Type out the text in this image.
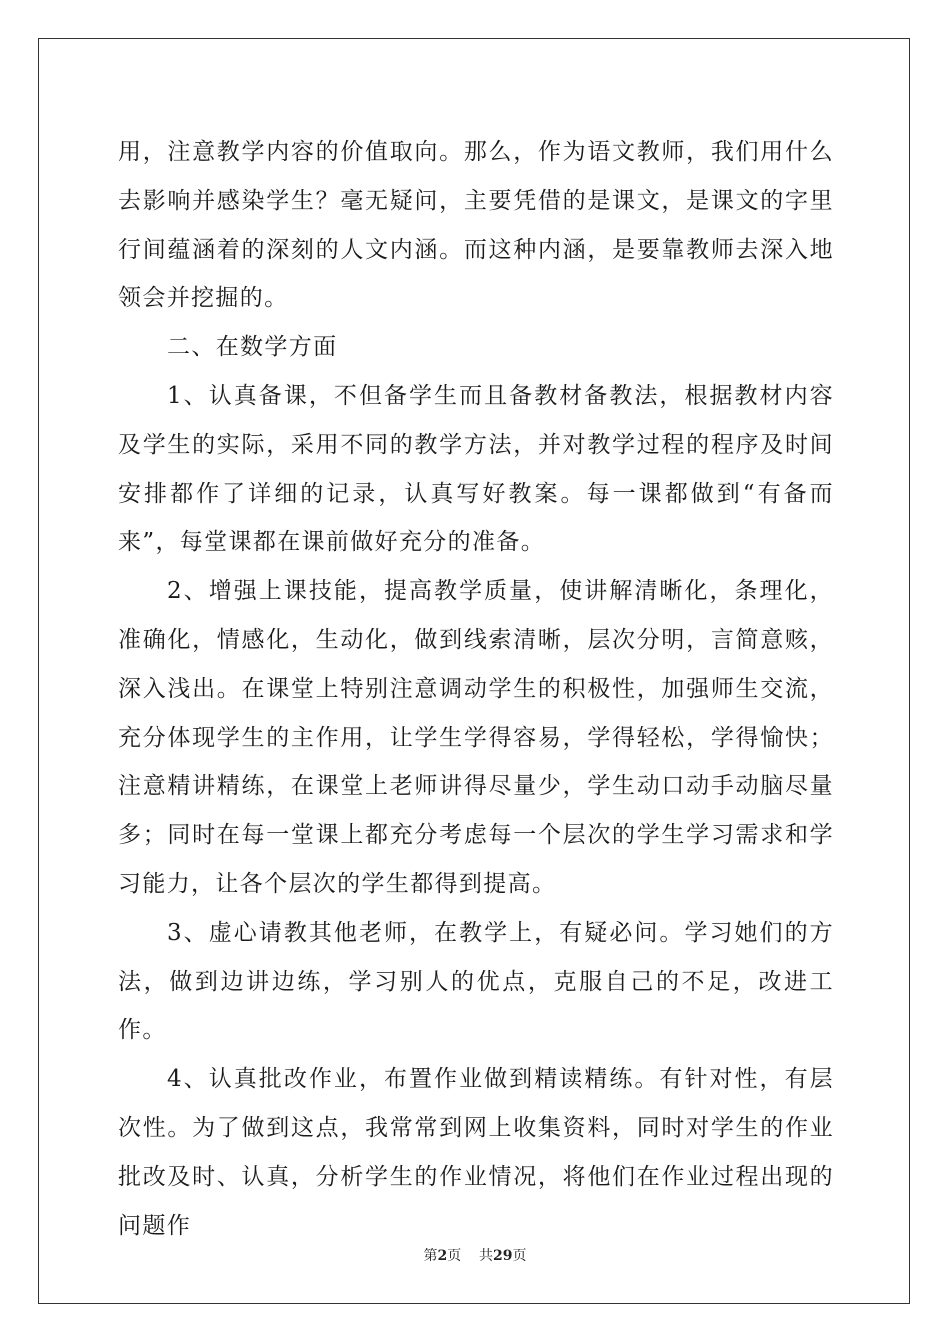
用，注意教学内容的价值取向。那么，作为语文教师，我们用什么去影响并感染学生？毫无疑问，主要凭借的是课文，是课文的字里行间蕴涵着的深刻的人文内涵。而这种内涵，是要靠教师去深入地领会并挖掘的。

二、在数学方面

1、认真备课，不但备学生而且备教材备教法，根据教材内容及学生的实际，采用不同的教学方法，并对教学过程的程序及时间安排都作了详细的记录，认真写好教案。每一课都做到“有备而来”，每堂课都在课前做好充分的准备。

2、增强上课技能，提高教学质量，使讲解清晰化，条理化，准确化，情感化，生动化，做到线索清晰，层次分明，言简意赅，深入浅出。在课堂上特别注意调动学生的积极性，加强师生交流，充分体现学生的主作用，让学生学得容易，学得轻松，学得愉快；注意精讲精练，在课堂上老师讲得尽量少，学生动口动手动脑尽量多；同时在每一堂课上都充分考虑每一个层次的学生学习需求和学习能力，让各个层次的学生都得到提高。

3、虚心请教其他老师，在教学上，有疑必问。学习她们的方法，做到边讲边练，学习别人的优点，克服自己的不足，改进工作。

4、认真批改作业，布置作业做到精读精练。有针对性，有层次性。为了做到这点，我常常到网上收集资料，同时对学生的作业批改及时、认真，分析学生的作业情况，将他们在作业过程出现的问题作

第2页 共29页
